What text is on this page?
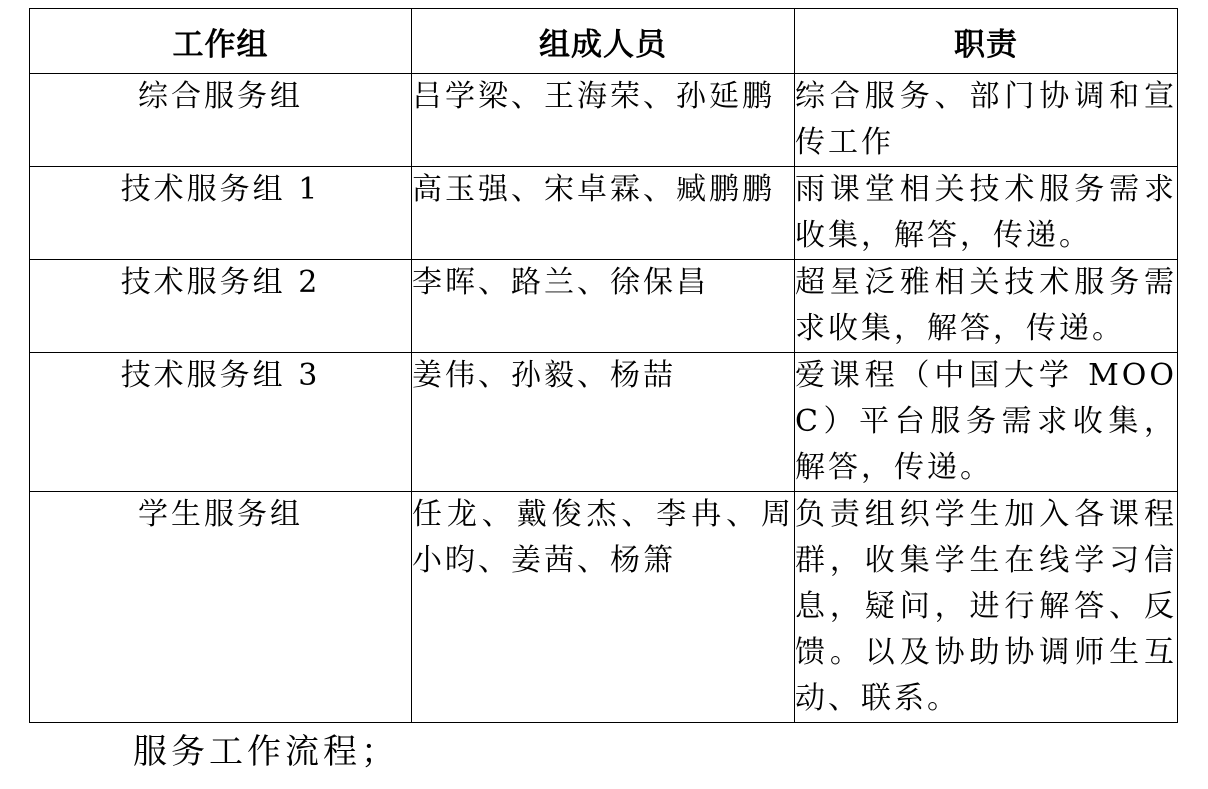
工作组	组成人员	职责
综合服务组	吕学梁、王海荣、孙延鹏	综合服务、部门协调和宣传工作
技术服务组 1	高玉强、宋卓霖、臧鹏鹏	雨课堂相关技术服务需求收集，解答，传递。
技术服务组 2	李晖、路兰、徐保昌	超星泛雅相关技术服务需求收集，解答，传递。
技术服务组 3	姜伟、孙毅、杨喆	爱课程（中国大学 MOOC）平台服务需求收集，解答，传递。
学生服务组	任龙、戴俊杰、李冉、周小昀、姜茜、杨箫	负责组织学生加入各课程群，收集学生在线学习信息，疑问，进行解答、反馈。以及协助协调师生互动、联系。
服务工作流程；
